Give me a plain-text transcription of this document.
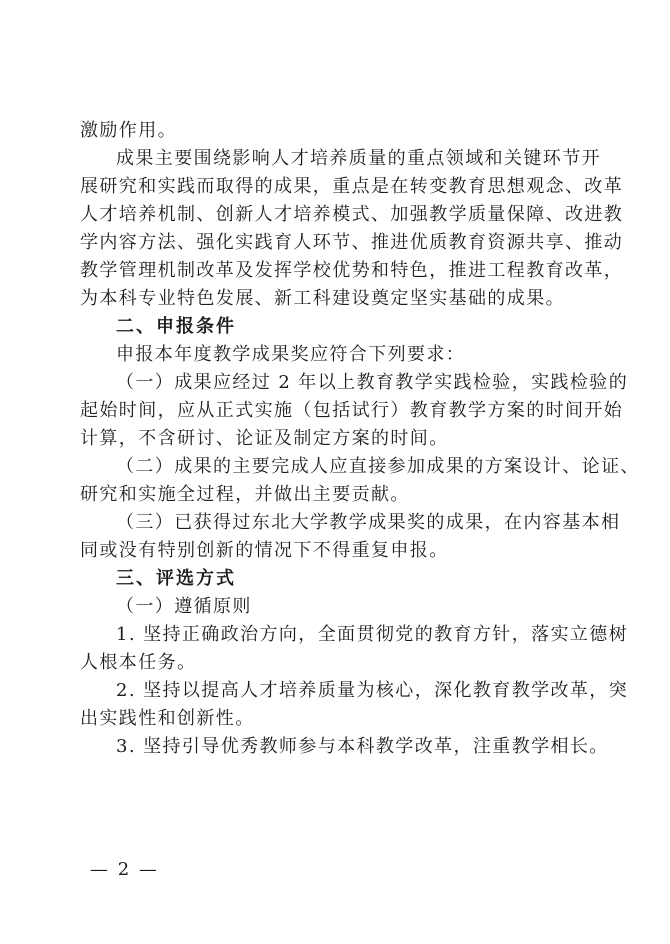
激励作用。
成果主要围绕影响人才培养质量的重点领域和关键环节开
展研究和实践而取得的成果，重点是在转变教育思想观念、改革
人才培养机制、创新人才培养模式、加强教学质量保障、改进教
学内容方法、强化实践育人环节、推进优质教育资源共享、推动
教学管理机制改革及发挥学校优势和特色，推进工程教育改革，
为本科专业特色发展、新工科建设奠定坚实基础的成果。
二、申报条件
申报本年度教学成果奖应符合下列要求：
（一）成果应经过 2 年以上教育教学实践检验，实践检验的
起始时间，应从正式实施（包括试行）教育教学方案的时间开始
计算，不含研讨、论证及制定方案的时间。
（二）成果的主要完成人应直接参加成果的方案设计、论证、
研究和实施全过程，并做出主要贡献。
（三）已获得过东北大学教学成果奖的成果，在内容基本相
同或没有特别创新的情况下不得重复申报。
三、评选方式
（一）遵循原则
1. 坚持正确政治方向，全面贯彻党的教育方针，落实立德树
人根本任务。
2. 坚持以提高人才培养质量为核心，深化教育教学改革，突
出实践性和创新性。
3. 坚持引导优秀教师参与本科教学改革，注重教学相长。
— 2 —
